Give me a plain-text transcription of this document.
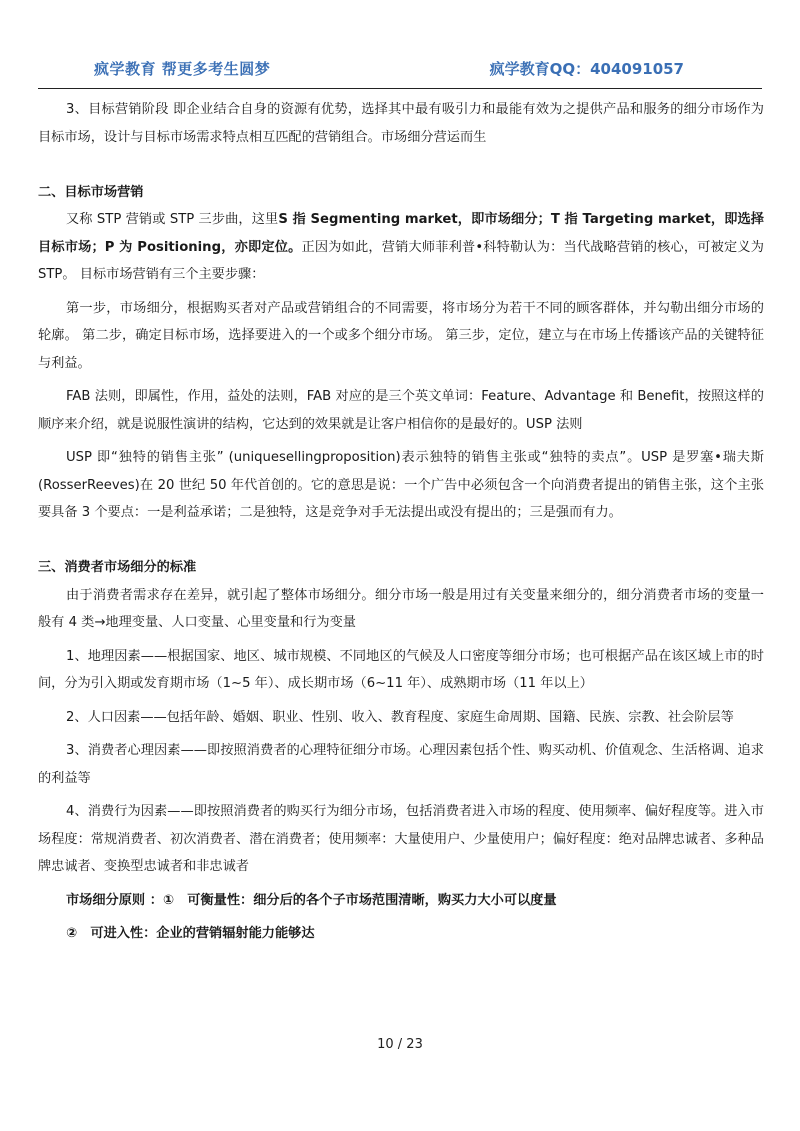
疯学教育 帮更多考生圆梦	疯学教育QQ：404091057

3、目标营销阶段 即企业结合自身的资源有优势，选择其中最有吸引力和最能有效为之提供产品和服务的细分市场作为目标市场，设计与目标市场需求特点相互匹配的营销组合。市场细分营运而生

二、目标市场营销

又称 STP 营销或 STP 三步曲，这里S 指 Segmenting market，即市场细分；T 指 Targeting market，即选择目标市场；P 为 Positioning，亦即定位。正因为如此，营销大师菲利普•科特勒认为：当代战略营销的核心，可被定义为 STP。 目标市场营销有三个主要步骤：

第一步，市场细分，根据购买者对产品或营销组合的不同需要，将市场分为若干不同的顾客群体，并勾勒出细分市场的轮廓。 第二步，确定目标市场，选择要进入的一个或多个细分市场。 第三步，定位，建立与在市场上传播该产品的关键特征与利益。

FAB 法则，即属性，作用，益处的法则，FAB 对应的是三个英文单词：Feature、Advantage 和 Benefit，按照这样的顺序来介绍，就是说服性演讲的结构，它达到的效果就是让客户相信你的是最好的。USP 法则

USP 即“独特的销售主张” (uniquesellingproposition)表示独特的销售主张或“独特的卖点”。USP 是罗塞•瑞夫斯(RosserReeves)在 20 世纪 50 年代首创的。它的意思是说：一个广告中必须包含一个向消费者提出的销售主张，这个主张要具备 3 个要点：一是利益承诺；二是独特，这是竞争对手无法提出或没有提出的；三是强而有力。

三、消费者市场细分的标准

由于消费者需求存在差异，就引起了整体市场细分。细分市场一般是用过有关变量来细分的，细分消费者市场的变量一般有 4 类→地理变量、人口变量、心里变量和行为变量

1、地理因素——根据国家、地区、城市规模、不同地区的气候及人口密度等细分市场；也可根据产品在该区域上市的时间，分为引入期或发育期市场（1~5 年）、成长期市场（6~11 年）、成熟期市场（11 年以上）

2、人口因素——包括年龄、婚姻、职业、性别、收入、教育程度、家庭生命周期、国籍、民族、宗教、社会阶层等

3、消费者心理因素——即按照消费者的心理特征细分市场。心理因素包括个性、购买动机、价值观念、生活格调、追求的利益等

4、消费行为因素——即按照消费者的购买行为细分市场，包括消费者进入市场的程度、使用频率、偏好程度等。进入市场程度：常规消费者、初次消费者、潜在消费者；使用频率：大量使用户、少量使用户；偏好程度：绝对品牌忠诚者、多种品牌忠诚者、变换型忠诚者和非忠诚者

市场细分原则 ：①　可衡量性：细分后的各个子市场范围清晰，购买力大小可以度量

②　可进入性：企业的营销辐射能力能够达

10 / 23
